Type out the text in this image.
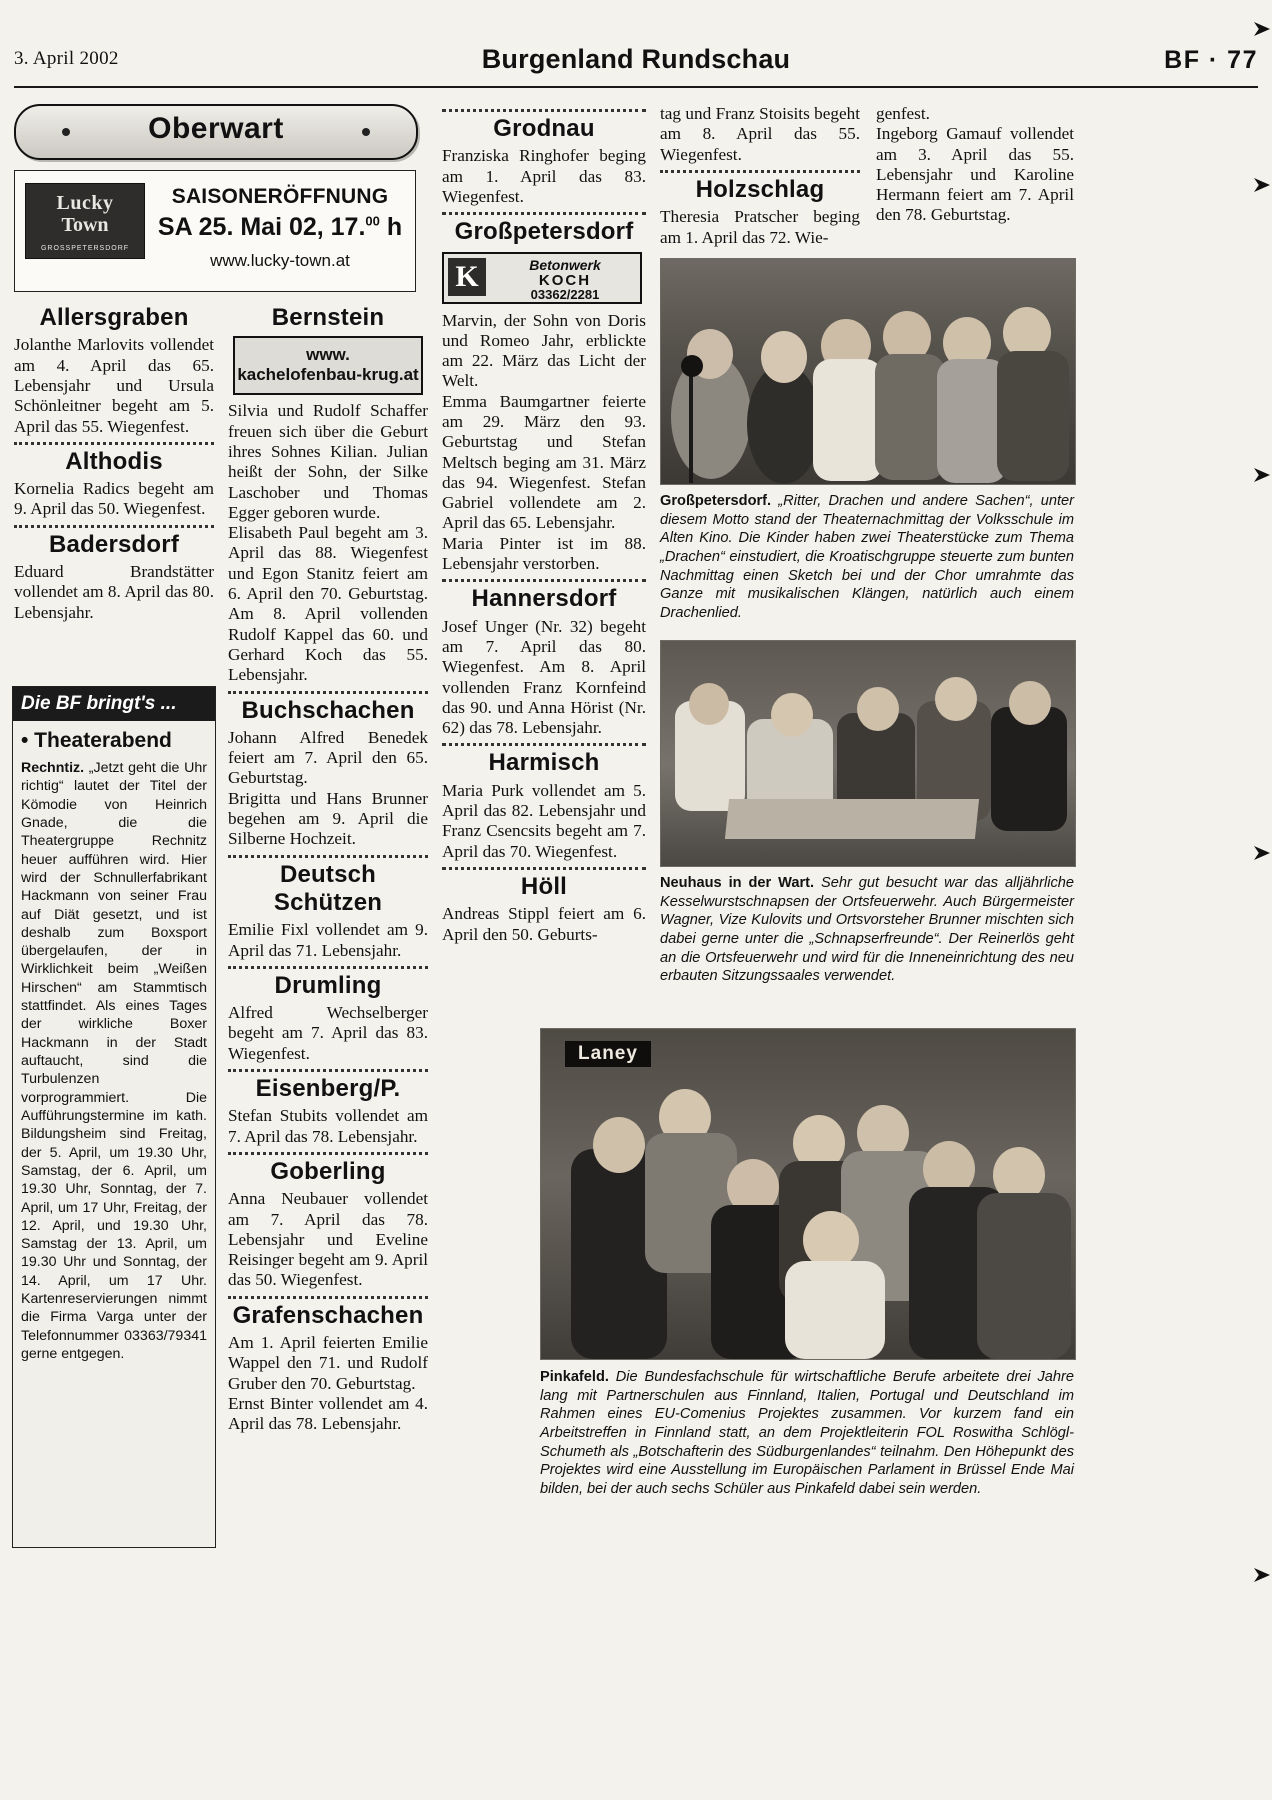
3. April 2002	Burgenland Rundschau	BF · 77
Oberwart
Lucky
Town
GROSSPETERSDORF
SAISONERÖFFNUNG
SA 25. Mai 02, 17.00 h
www.lucky-town.at
Allersgraben

Jolanthe Marlovits vollendet am 4. April das 65. Lebensjahr und Ursula Schönleitner begeht am 5. April das 55. Wiegenfest.

Althodis

Kornelia Radics begeht am 9. April das 50. Wiegenfest.

Badersdorf

Eduard Brandstätter vollendet am 8. April das 80. Lebensjahr.

Die BF bringt's ...
• Theaterabend
Rechntiz. „Jetzt geht die Uhr richtig“ lautet der Titel der Kömodie von Heinrich Gnade, die die Theatergruppe Rechnitz heuer aufführen wird. Hier wird der Schnullerfabrikant Hackmann von seiner Frau auf Diät gesetzt, und ist deshalb zum Boxsport übergelaufen, der in Wirklichkeit beim „Weißen Hirschen“ am Stammtisch stattfindet. Als eines Tages der wirkliche Boxer Hackmann in der Stadt auftaucht, sind die Turbulenzen vorprogrammiert. Die Aufführungstermine im kath. Bildungsheim sind Freitag, der 5. April, um 19.30 Uhr, Samstag, der 6. April, um 19.30 Uhr, Sonntag, der 7. April, um 17 Uhr, Freitag, der 12. April, und 19.30 Uhr, Samstag der 13. April, um 19.30 Uhr und Sonntag, der 14. April, um 17 Uhr. Kartenreservierungen nimmt die Firma Varga unter der Telefonnummer 03363/79341 gerne entgegen.
Bernstein
www.
kachelofenbau-krug.at

Silvia und Rudolf Schaffer freuen sich über die Geburt ihres Sohnes Kilian. Julian heißt der Sohn, der Silke Laschober und Thomas Egger geboren wurde.

Elisabeth Paul begeht am 3. April das 88. Wiegenfest und Egon Stanitz feiert am 6. April den 70. Geburtstag. Am 8. April vollenden Rudolf Kappel das 60. und Gerhard Koch das 55. Lebensjahr.

Buchschachen

Johann Alfred Benedek feiert am 7. April den 65. Geburtstag.

Brigitta und Hans Brunner begehen am 9. April die Silberne Hochzeit.

Deutsch Schützen

Emilie Fixl vollendet am 9. April das 71. Lebensjahr.

Drumling

Alfred Wechselberger begeht am 7. April das 83. Wiegenfest.

Eisenberg/P.

Stefan Stubits vollendet am 7. April das 78. Lebensjahr.

Goberling

Anna Neubauer vollendet am 7. April das 78. Lebensjahr und Eveline Reisinger begeht am 9. April das 50. Wiegenfest.

Grafenschachen

Am 1. April feierten Emilie Wappel den 71. und Rudolf Gruber den 70. Geburtstag.

Ernst Binter vollendet am 4. April das 78. Lebensjahr.

Grodnau

Franziska Ringhofer beging am 1. April das 83. Wiegenfest.

Großpetersdorf
K	Betonwerk
KOCH
03362/2281

Marvin, der Sohn von Doris und Romeo Jahr, erblickte am 22. März das Licht der Welt.

Emma Baumgartner feierte am 29. März den 93. Geburtstag und Stefan Meltsch beging am 31. März das 94. Wiegenfest. Stefan Gabriel vollendete am 2. April das 65. Lebensjahr.

Maria Pinter ist im 88. Lebensjahr verstorben.

Hannersdorf

Josef Unger (Nr. 32) begeht am 7. April das 80. Wiegenfest. Am 8. April vollenden Franz Kornfeind das 90. und Anna Hörist (Nr. 62) das 78. Lebensjahr.

Harmisch

Maria Purk vollendet am 5. April das 82. Lebensjahr und Franz Csencsits begeht am 7. April das 70. Wiegenfest.

Höll

Andreas Stippl feiert am 6. April den 50. Geburts-

tag und Franz Stoisits begeht am 8. April das 55. Wiegenfest.

Holzschlag

Theresia Pratscher beging am 1. April das 72. Wie-

genfest.

Ingeborg Gamauf vollendet am 3. April das 55. Lebensjahr und Karoline Hermann feiert am 7. April den 78. Geburtstag.

Großpetersdorf. „Ritter, Drachen und andere Sachen“, unter diesem Motto stand der Theaternachmittag der Volksschule im Alten Kino. Die Kinder haben zwei Theaterstücke zum Thema „Drachen“ einstudiert, die Kroatischgruppe steuerte zum bunten Nachmittag einen Sketch bei und der Chor umrahmte das Ganze mit musikalischen Klängen, natürlich auch einem Drachenlied.
Neuhaus in der Wart. Sehr gut besucht war das alljährliche Kesselwurstschnapsen der Ortsfeuerwehr. Auch Bürgermeister Wagner, Vize Kulovits und Ortsvorsteher Brunner mischten sich dabei gerne unter die „Schnapserfreunde“. Der Reinerlös geht an die Ortsfeuerwehr und wird für die Inneneinrichtung des neu erbauten Sitzungssaales verwendet.
Laney
Pinkafeld. Die Bundesfachschule für wirtschaftliche Berufe arbeitete drei Jahre lang mit Partnerschulen aus Finnland, Italien, Portugal und Deutschland im Rahmen eines EU-Comenius Projektes zusammen. Vor kurzem fand ein Arbeitstreffen in Finnland statt, an dem Projektleiterin FOL Roswitha Schlögl-Schumeth als „Botschafterin des Südburgenlandes“ teilnahm. Den Höhepunkt des Projektes wird eine Ausstellung im Europäischen Parlament in Brüssel Ende Mai bilden, bei der auch sechs Schüler aus Pinkafeld dabei sein werden.
